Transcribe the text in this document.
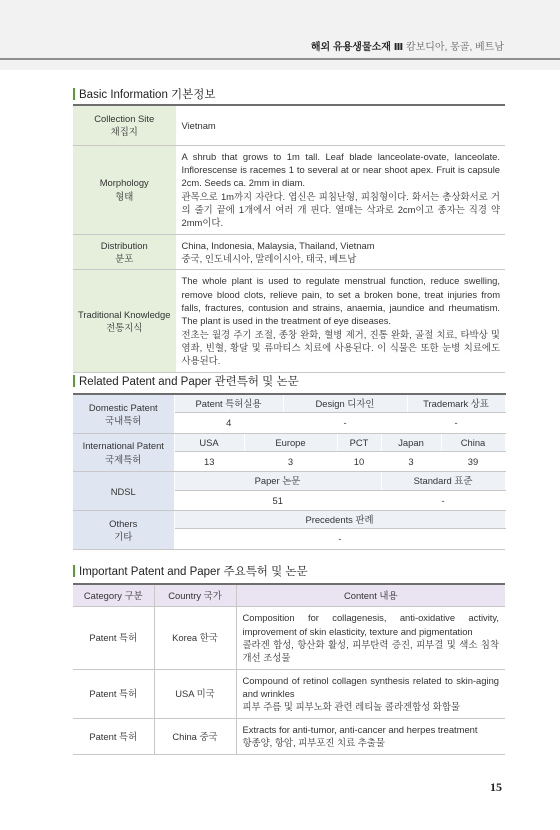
해외 유용생물소재 Ⅲ 캄보디아, 몽골, 베트남
Basic Information 기본정보
Collection Site
채집지	Vietnam
Morphology
형태	A shrub that grows to 1m tall. Leaf blade lanceolate-ovate, lanceolate. Inflorescense is racemes 1 to several at or near shoot apex. Fruit is capsule 2cm. Seeds ca. 2mm in diam.
관목으로 1m까지 자란다. 엽신은 피침난형, 피침형이다. 화서는 총상화서로 거의 줄기 끝에 1개에서 여러 개 핀다. 열매는 삭과로 2cm이고 종자는 직경 약 2mm이다.
Distribution
분포	China, Indonesia, Malaysia, Thailand, Vietnam
중국, 인도네시아, 말레이시아, 태국, 베트남
Traditional Knowledge
전통지식	The whole plant is used to regulate menstrual function, reduce swelling, remove blood clots, relieve pain, to set a broken bone, treat injuries from falls, fractures, contusion and strains, anaemia, jaundice and rheumatism. The plant is used in the treatment of eye diseases.
전초는 월경 주기 조절, 종창 완화, 혈병 제거, 진통 완화, 골절 치료, 타박상 및 염좌, 빈혈, 황달 및 류마티스 치료에 사용된다. 이 식물은 또한 눈병 치료에도 사용된다.
Related Patent and Paper 관련특허 및 논문
Domestic Patent
국내특허	Patent 특허실용		Design 디자인			Trademark 상표	
	4		-			-	
International Patent
국제특허	USA	Europe		PCT	Japan		China
	13	3		10	3		39
NDSL	Paper 논문				Standard 표준		
	51				-		
Others
기타	Precedents 판례						
	-						
Important Patent and Paper 주요특허 및 논문
Category 구분	Country 국가	Content 내용
Patent 특허	Korea 한국	Composition for collagenesis, anti-oxidative activity, improvement of skin elasticity, texture and pigmentation
콜라겐 합성, 항산화 활성, 피부탄력 증진, 피부결 및 색소 침착 개선 조성물
Patent 특허	USA 미국	Compound of retinol collagen synthesis related to skin-aging and wrinkles
피부 주름 및 피부노화 관련 레티놀 콜라겐합성 화합물
Patent 특허	China 중국	Extracts for anti-tumor, anti-cancer and herpes treatment
항종양, 항암, 피부포진 치료 추출물
15
